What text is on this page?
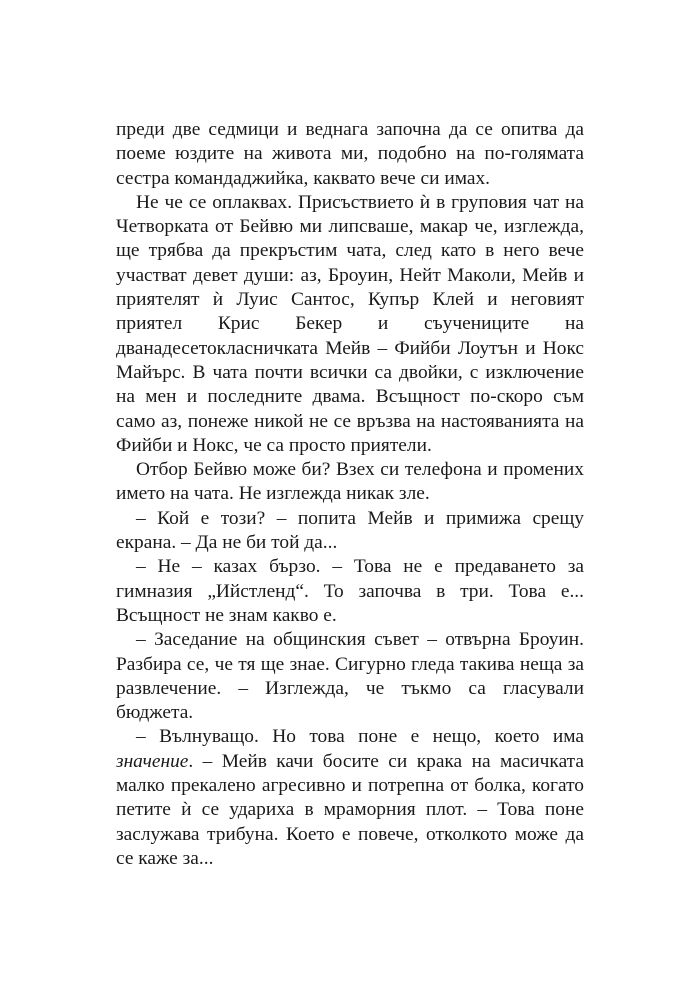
преди две седмици и веднага започна да се опитва да поеме юздите на живота ми, подобно на по-голямата сестра командаджийка, каквато вече си имах.

Не че се оплаквах. Присъствието ѝ в груповия чат на Четворката от Бейвю ми липсваше, макар че, изглежда, ще трябва да прекръстим чата, след като в него вече участват девет души: аз, Броуин, Нейт Маколи, Мейв и приятелят ѝ Луис Сантос, Купър Клей и неговият приятел Крис Бекер и съучениците на дванадесетокласничката Мейв – Фийби Лоутън и Нокс Майърс. В чата почти всички са двойки, с изключение на мен и последните двама. Всъщност по-скоро съм само аз, понеже никой не се връзва на настояванията на Фийби и Нокс, че са просто приятели.

Отбор Бейвю може би? Взех си телефона и промених името на чата. Не изглежда никак зле.

– Кой е този? – попита Мейв и примижа срещу екрана. – Да не би той да...

– Не – казах бързо. – Това не е предаването за гимназия „Ийстленд“. То започва в три. Това е... Всъщност не знам какво е.

– Заседание на общинския съвет – отвърна Броуин. Разбира се, че тя ще знае. Сигурно гледа такива неща за развлечение. – Изглежда, че тъкмо са гласували бюджета.

– Вълнуващо. Но това поне е нещо, което има значение. – Мейв качи босите си крака на масичката малко прекалено агресивно и потрепна от болка, когато петите ѝ се удариха в мраморния плот. – Това поне заслужава трибуна. Което е повече, отколкото може да се каже за...
